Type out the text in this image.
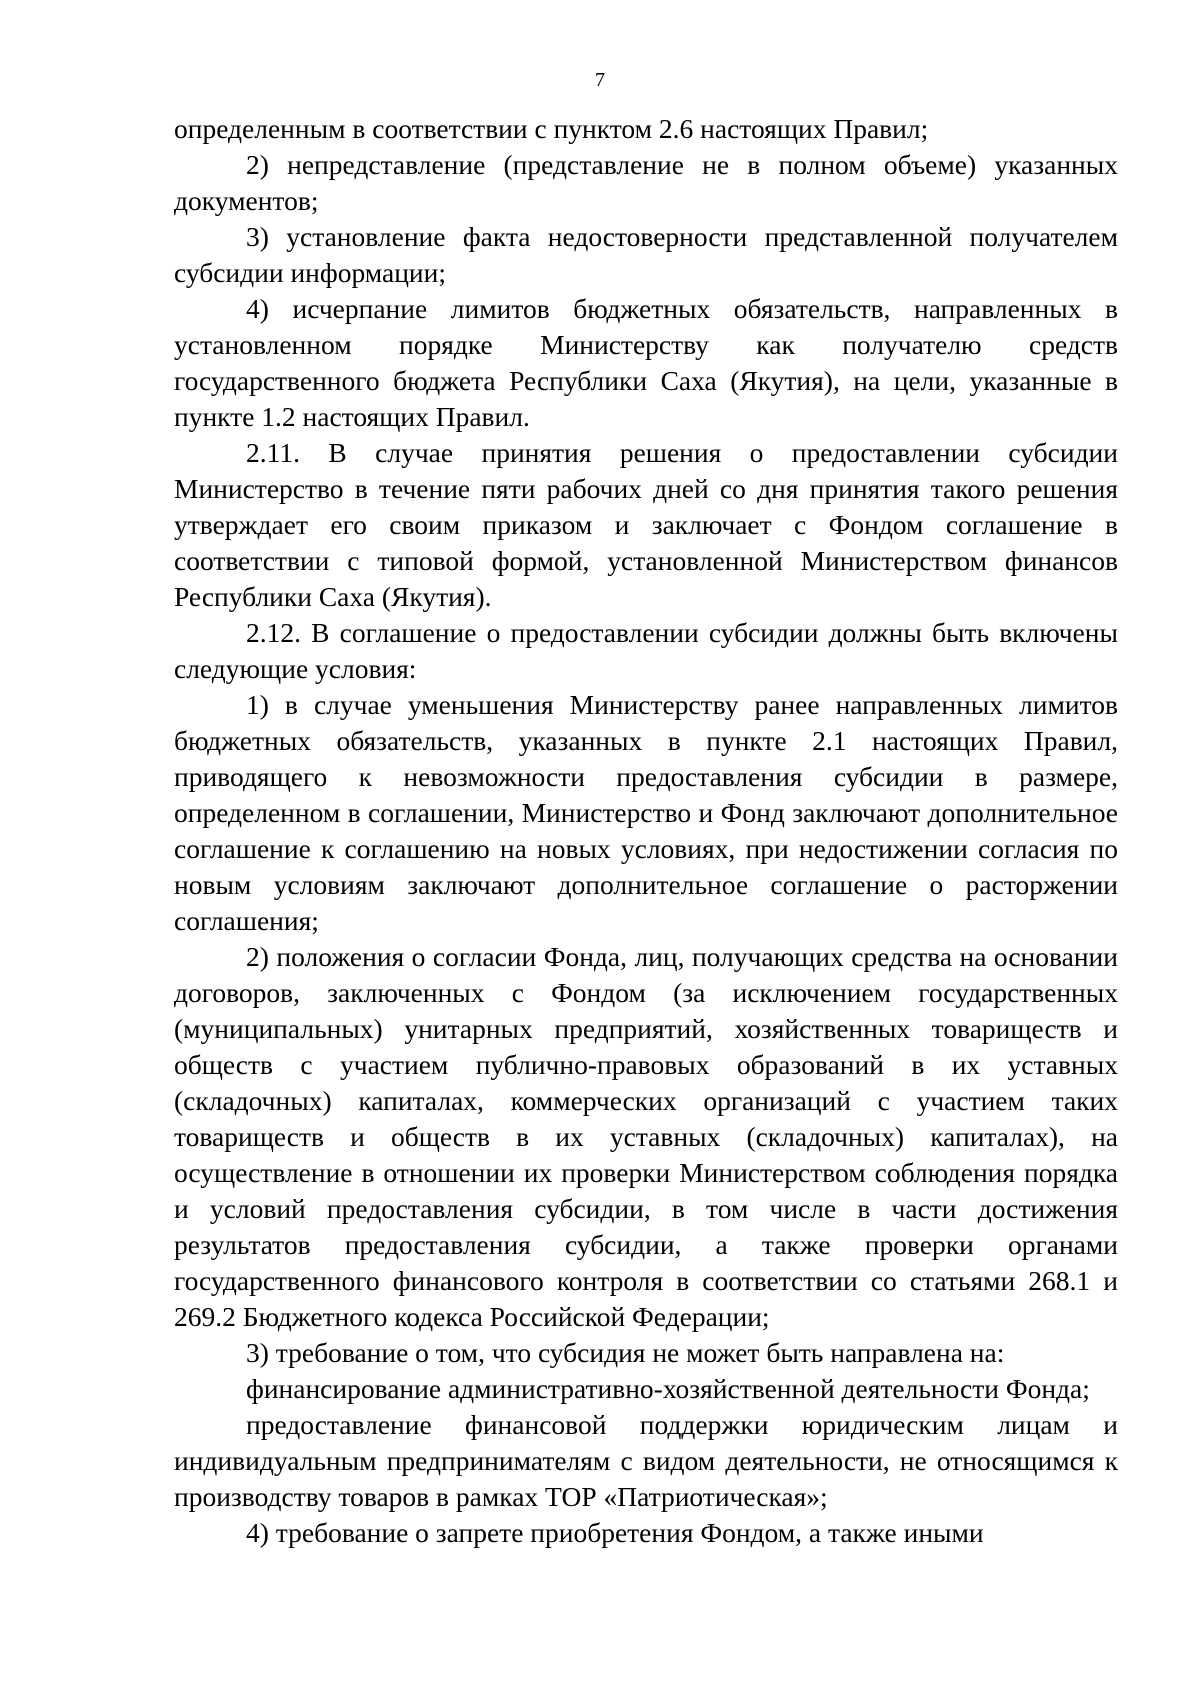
7

определенным в соответствии с пунктом 2.6 настоящих Правил;

2) непредставление (представление не в полном объеме) указанных документов;

3) установление факта недостоверности представленной получателем субсидии информации;

4) исчерпание лимитов бюджетных обязательств, направленных в установленном порядке Министерству как получателю средств государственного бюджета Республики Саха (Якутия), на цели, указанные в пункте 1.2 настоящих Правил.

2.11. В случае принятия решения о предоставлении субсидии Министерство в течение пяти рабочих дней со дня принятия такого решения утверждает его своим приказом и заключает с Фондом соглашение в соответствии с типовой формой, установленной Министерством финансов Республики Саха (Якутия).

2.12. В соглашение о предоставлении субсидии должны быть включены следующие условия:

1) в случае уменьшения Министерству ранее направленных лимитов бюджетных обязательств, указанных в пункте 2.1 настоящих Правил, приводящего к невозможности предоставления субсидии в размере, определенном в соглашении, Министерство и Фонд заключают дополнительное соглашение к соглашению на новых условиях, при недостижении согласия по новым условиям заключают дополнительное соглашение о расторжении соглашения;

2) положения о согласии Фонда, лиц, получающих средства на основании договоров, заключенных с Фондом (за исключением государственных (муниципальных) унитарных предприятий, хозяйственных товариществ и обществ с участием публично-правовых образований в их уставных (складочных) капиталах, коммерческих организаций с участием таких товариществ и обществ в их уставных (складочных) капиталах), на осуществление в отношении их проверки Министерством соблюдения порядка и условий предоставления субсидии, в том числе в части достижения результатов предоставления субсидии, а также проверки органами государственного финансового контроля в соответствии со статьями 268.1 и 269.2 Бюджетного кодекса Российской Федерации;

3) требование о том, что субсидия не может быть направлена на:

финансирование административно-хозяйственной деятельности Фонда;

предоставление финансовой поддержки юридическим лицам и индивидуальным предпринимателям с видом деятельности, не относящимся к производству товаров в рамках ТОР «Патриотическая»;

4) требование о запрете приобретения Фондом, а также иными
